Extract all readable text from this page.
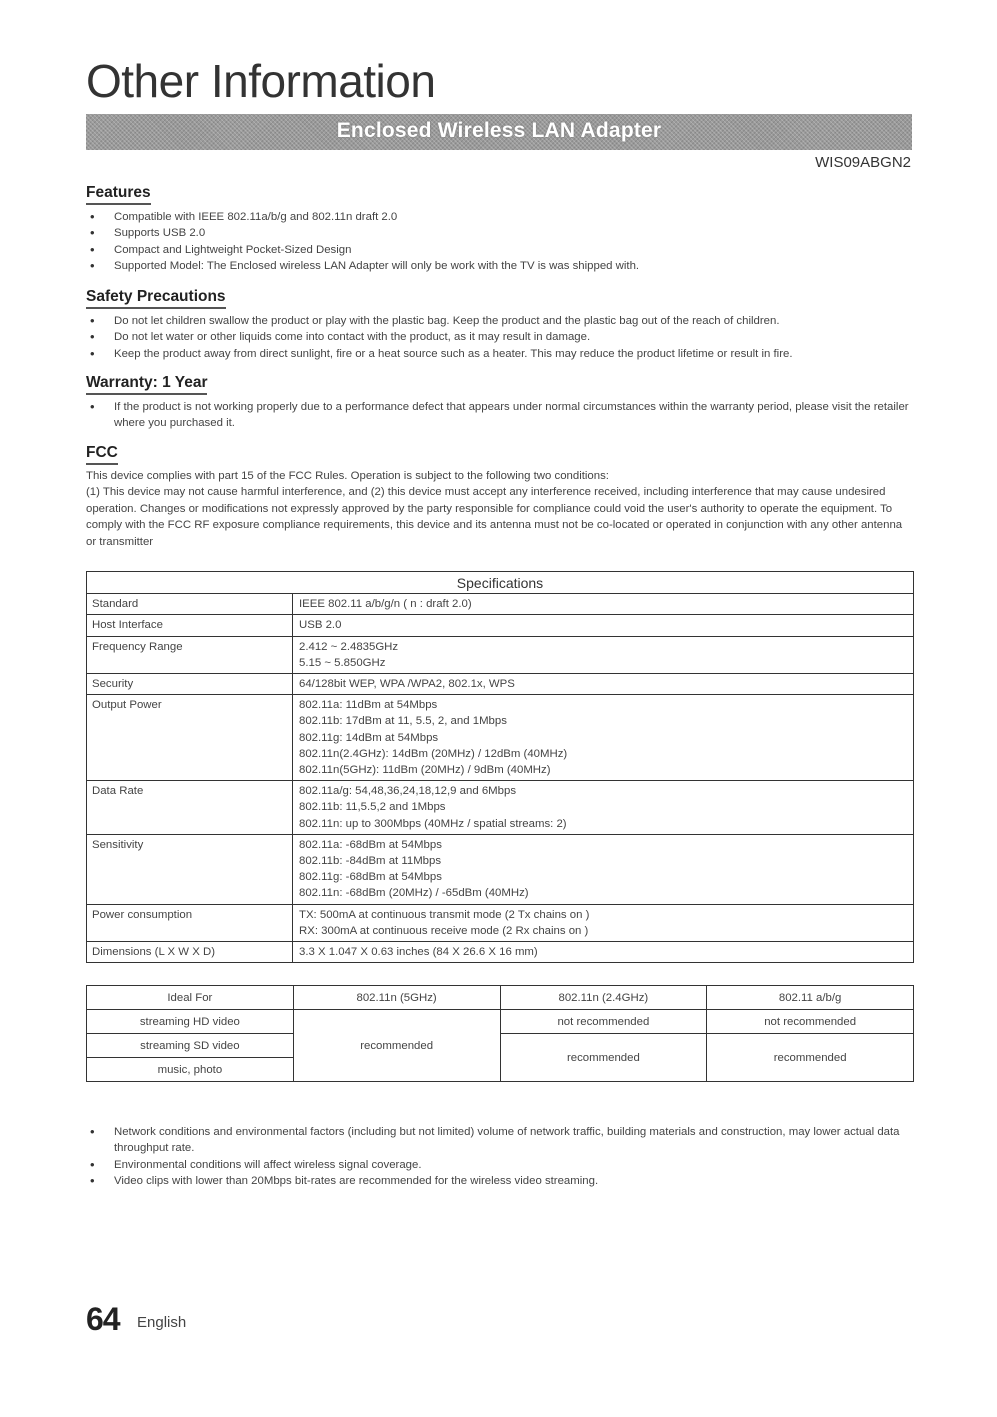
Other Information
Enclosed Wireless LAN Adapter
WIS09ABGN2
Features
• Compatible with IEEE 802.11a/b/g and 802.11n draft 2.0
• Supports USB 2.0
• Compact and Lightweight Pocket-Sized Design
• Supported Model: The Enclosed wireless LAN Adapter will only be work with the TV is was shipped with.
Safety Precautions
• Do not let children swallow the product or play with the plastic bag. Keep the product and the plastic bag out of the reach of children.
• Do not let water or other liquids come into contact with the product, as it may result in damage.
• Keep the product away from direct sunlight, fire or a heat source such as a heater. This may reduce the product lifetime or result in fire.
Warranty: 1 Year
• If the product is not working properly due to a performance defect that appears under normal circumstances within the warranty period, please visit the retailer where you purchased it.
FCC
This device complies with part 15 of the FCC Rules. Operation is subject to the following two conditions:
(1) This device may not cause harmful interference, and (2) this device must accept any interference received, including interference that may cause undesired operation. Changes or modifications not expressly approved by the party responsible for compliance could void the user's authority to operate the equipment. To comply with the FCC RF exposure compliance requirements, this device and its antenna must not be co-located or operated in conjunction with any other antenna or transmitter
Specifications	
Standard	IEEE 802.11 a/b/g/n ( n : draft 2.0)

Host Interface	USB 2.0

Frequency Range	2.412 ~ 2.4835GHz
5.15 ~ 5.850GHz

Security	64/128bit WEP, WPA /WPA2, 802.1x, WPS

Output Power	802.11a: 11dBm at 54Mbps
802.11b: 17dBm at 11, 5.5, 2, and 1Mbps
802.11g: 14dBm at 54Mbps
802.11n(2.4GHz): 14dBm (20MHz) / 12dBm (40MHz)
802.11n(5GHz): 11dBm (20MHz) / 9dBm (40MHz)

Data Rate	802.11a/g: 54,48,36,24,18,12,9 and 6Mbps
802.11b: 11,5.5,2 and 1Mbps
802.11n: up to 300Mbps (40MHz / spatial streams: 2)

Sensitivity	802.11a: -68dBm at 54Mbps
802.11b: -84dBm at 11Mbps
802.11g: -68dBm at 54Mbps
802.11n: -68dBm (20MHz) / -65dBm (40MHz)

Power consumption	TX: 500mA at continuous transmit mode (2 Tx chains on )
RX: 300mA at continuous receive mode (2 Rx chains on )

Dimensions (L X W X D)	3.3 X 1.047 X 0.63 inches (84 X 26.6 X 16 mm)
Ideal For	802.11n (5GHz)	802.11n (2.4GHz)	802.11 a/b/g
streaming HD video	recommended	not recommended	not recommended
streaming SD video		recommended	recommended
music, photo			
• Network conditions and environmental factors (including but not limited) volume of network traffic, building materials and construction, may lower actual data throughput rate.
• Environmental conditions will affect wireless signal coverage.
• Video clips with lower than 20Mbps bit-rates are recommended for the wireless video streaming.
64 English
